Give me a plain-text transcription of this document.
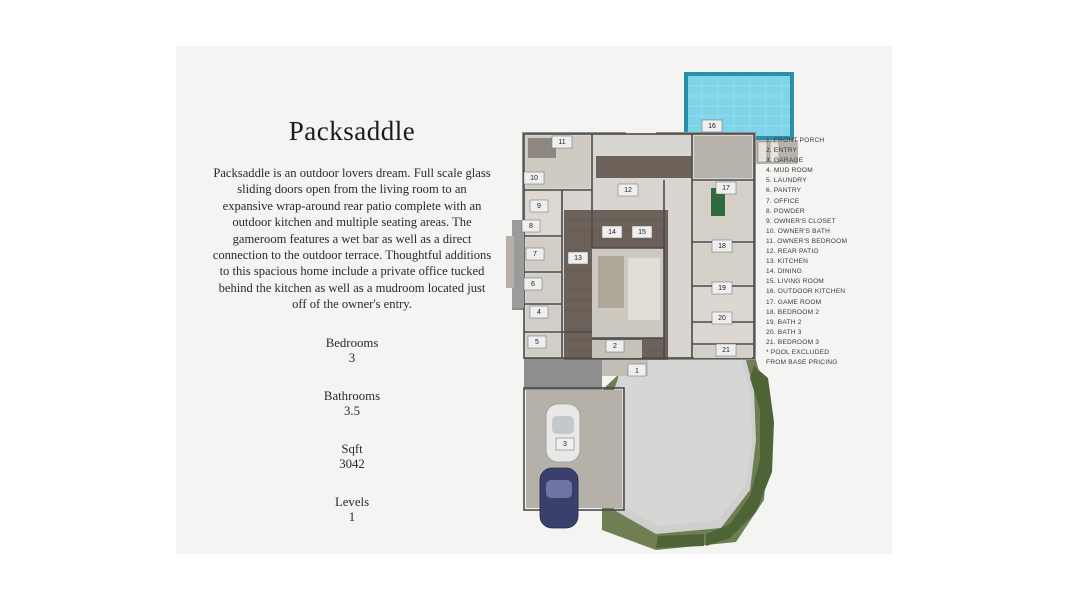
Packsaddle

Packsaddle is an outdoor lovers dream. Full scale glass sliding doors open from the living room to an expansive wrap-around rear patio complete with an outdoor kitchen and multiple seating areas. The gameroom features a wet bar as well as a direct connection to the outdoor terrace. Thoughtful additions to this spacious home include a private office tucked behind the kitchen as well as a mudroom located just off of the owner's entry.

Bedrooms
3
Bathrooms
3.5
Sqft
3042
Levels
1
1
2
3
4
5
6
7
8
9
10
11
12
13
14	15
16
17
18
19
20
21
1. FRONT PORCH
2. ENTRY
3. GARAGE
4. MUD ROOM
5. LAUNDRY
6. PANTRY
7. OFFICE
8. POWDER
9. OWNER'S CLOSET
10. OWNER'S BATH
11. OWNER'S BEDROOM
12. REAR PATIO
13. KITCHEN
14. DINING
15. LIVING ROOM
16. OUTDOOR KITCHEN
17. GAME ROOM
18. BEDROOM 2
19. BATH 2
20. BATH 3
21. BEDROOM 3
* POOL EXCLUDED
FROM BASE PRICING
